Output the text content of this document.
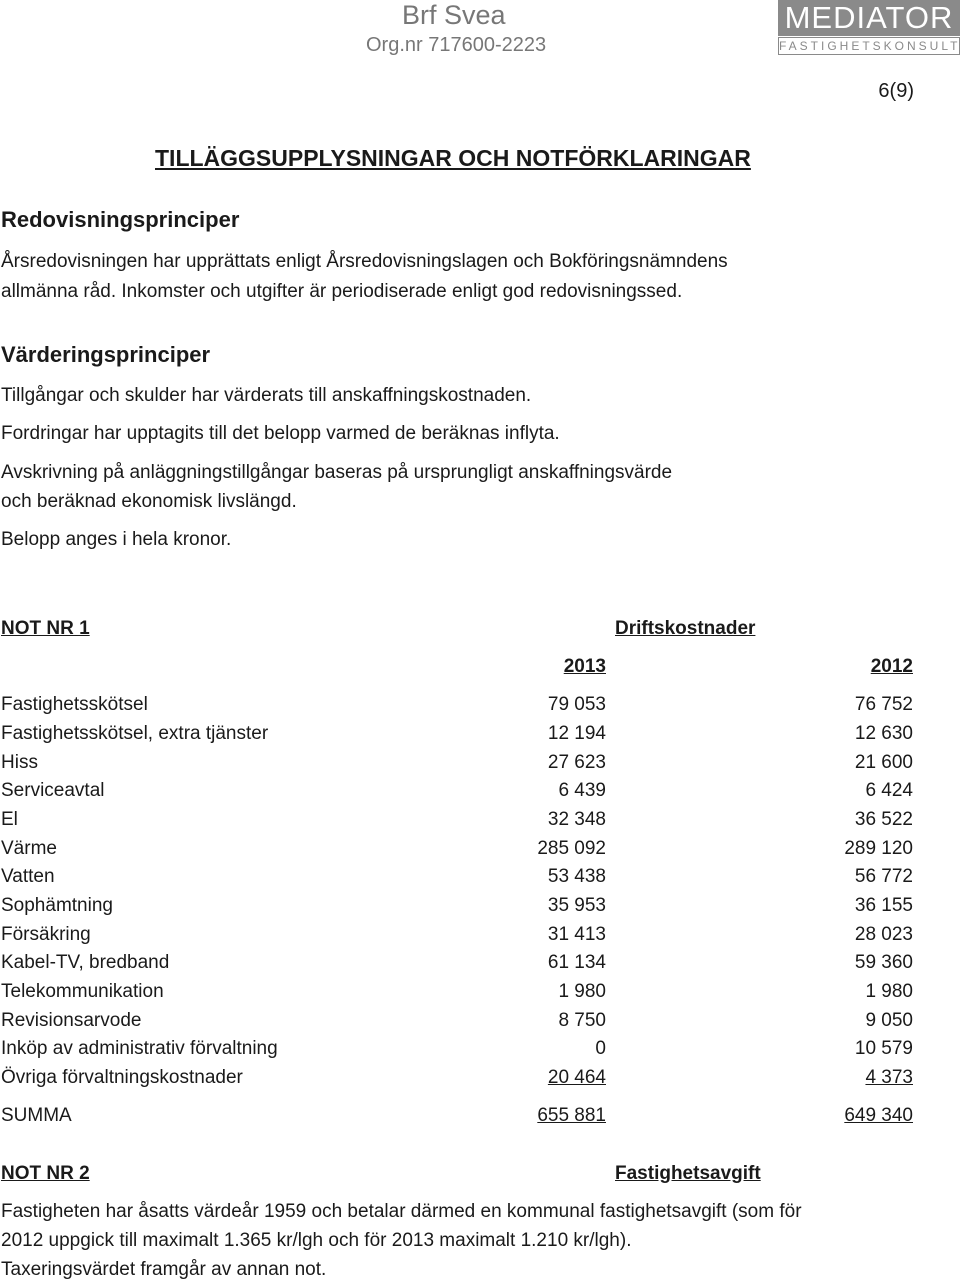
Brf Svea
Org.nr 717600-2223
MEDIATOR
FASTIGHETSKONSULT
6(9)
TILLÄGGSUPPLYSNINGAR OCH NOTFÖRKLARINGAR
Redovisningsprinciper
Årsredovisningen har upprättats enligt Årsredovisningslagen och Bokföringsnämndens
allmänna råd. Inkomster och utgifter är periodiserade enligt god redovisningssed.
Värderingsprinciper
Tillgångar och skulder har värderats till anskaffningskostnaden.
Fordringar har upptagits till det belopp varmed de beräknas inflyta.
Avskrivning på anläggningstillgångar baseras på ursprungligt anskaffningsvärde
och beräknad ekonomisk livslängd.
Belopp anges i hela kronor.
NOT NR 1	Driftskostnader
2013	2012
Fastighetsskötsel	79 053	76 752
Fastighetsskötsel, extra tjänster	12 194	12 630
Hiss	27 623	21 600
Serviceavtal	6 439	6 424
El	32 348	36 522
Värme	285 092	289 120
Vatten	53 438	56 772
Sophämtning	35 953	36 155
Försäkring	31 413	28 023
Kabel-TV, bredband	61 134	59 360
Telekommunikation	1 980	1 980
Revisionsarvode	8 750	9 050
Inköp av administrativ förvaltning	0	10 579
Övriga förvaltningskostnader	20 464	4 373
SUMMA	655 881	649 340
NOT NR 2	Fastighetsavgift
Fastigheten har åsatts värdeår 1959 och betalar därmed en kommunal fastighetsavgift (som för
2012 uppgick till maximalt 1.365 kr/lgh och för 2013 maximalt 1.210 kr/lgh).
Taxeringsvärdet framgår av annan not.
